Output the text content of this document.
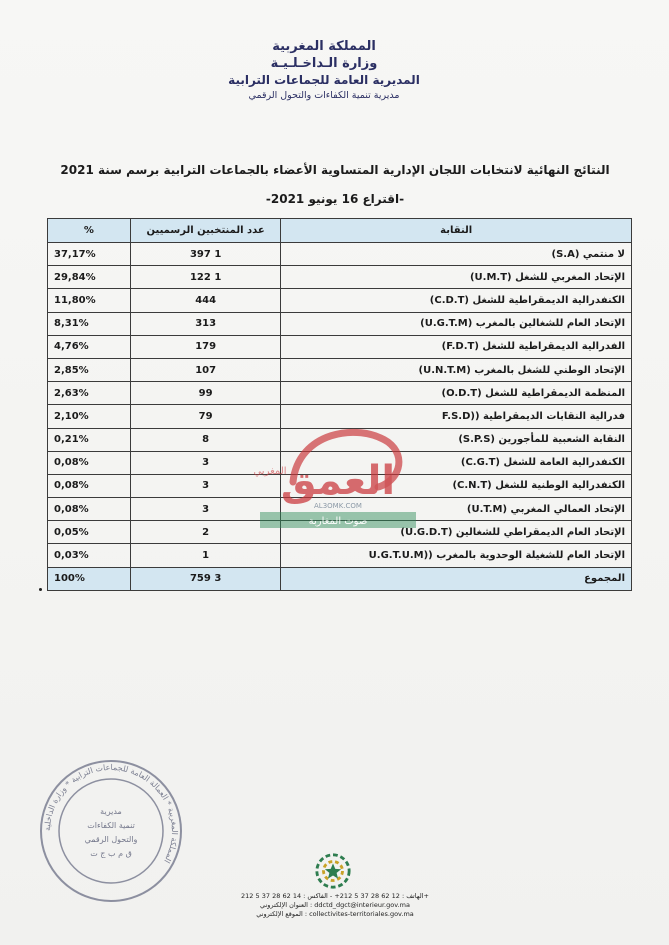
المملكة المغربية
وزارة الـداخـلـيـة
المديرية العامة للجماعات الترابية
مديرية تنمية الكفاءات والتحول الرقمي
النتائج النهائية لانتخابات اللجان الإدارية المتساوية الأعضاء بالجماعات الترابية برسم سنة 2021
-اقتراع 16 يونيو 2021-
النقابة	عدد المنتخبين الرسميين	%
لا منتمي (S.A)	1 397	37,17%
الإتحاد المغربي للشغل (U.M.T)	1 122	29,84%
الكنفدرالية الديمقراطية للشغل (C.D.T)	444	11,80%
الإتحاد العام للشغالين بالمغرب (U.G.T.M)	313	8,31%
الفدرالية الديمقراطية للشغل (F.D.T)	179	4,76%
الإتحاد الوطني للشغل بالمغرب (U.N.T.M)	107	2,85%
المنظمة الديمقراطية للشغل (O.D.T)	99	2,63%
فدرالية النقابات الديمقراطية ((F.S.D	79	2,10%
النقابة الشعبية للمأجورين (S.P.S)	8	0,21%
الكنفدرالية العامة للشغل (C.G.T)	3	0,08%
الكنفدرالية الوطنية للشغل (C.N.T)	3	0,08%
الإتحاد العمالي المغربي (U.T.M)	3	0,08%
الإتحاد العام الديمقراطي للشغالين (U.G.D.T)	2	0,05%
الإتحاد العام للشغيلة الوحدوية بالمغرب ((U.G.T.U.M	1	0,03%
المجموع	3 759	100%
العمق
المغربي
AL3OMK.COM
صوت المغاربة
المملكة المغربية * العمالة العامة للجماعات الترابية * وزارة الداخلية
مديرية
تنمية الكفاءات
والتحول الرقمي
ق م ب ج ت
الهاتف : 12 62 28 37 5 212+ - الفاكس : 14 62 28 37 5 212+
العنوان الإلكتروني : ddctd_dgct@interieur.gov.ma
الموقع الإلكتروني : collectivites-territoriales.gov.ma
